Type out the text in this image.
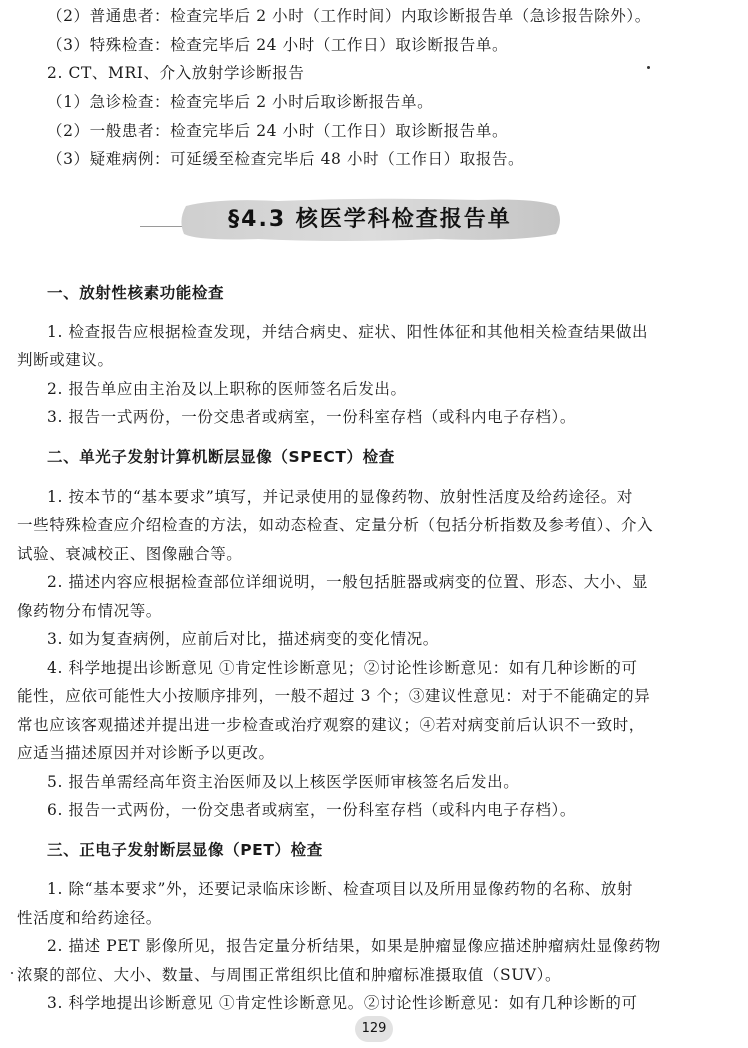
（2）普通患者：检查完毕后 2 小时（工作时间）内取诊断报告单（急诊报告除外）。
（3）特殊检查：检查完毕后 24 小时（工作日）取诊断报告单。
2. CT、MRI、介入放射学诊断报告
（1）急诊检查：检查完毕后 2 小时后取诊断报告单。
（2）一般患者：检查完毕后 24 小时（工作日）取诊断报告单。
（3）疑难病例：可延缓至检查完毕后 48 小时（工作日）取报告。
§4.3 核医学科检查报告单
一、放射性核素功能检查
1. 检查报告应根据检查发现，并结合病史、症状、阳性体征和其他相关检查结果做出
判断或建议。
2. 报告单应由主治及以上职称的医师签名后发出。
3. 报告一式两份，一份交患者或病室，一份科室存档（或科内电子存档）。
二、单光子发射计算机断层显像（SPECT）检查
1. 按本节的“基本要求”填写，并记录使用的显像药物、放射性活度及给药途径。对
一些特殊检查应介绍检查的方法，如动态检查、定量分析（包括分析指数及参考值）、介入
试验、衰减校正、图像融合等。
2. 描述内容应根据检查部位详细说明，一般包括脏器或病变的位置、形态、大小、显
像药物分布情况等。
3. 如为复查病例，应前后对比，描述病变的变化情况。
4. 科学地提出诊断意见 ①肯定性诊断意见；②讨论性诊断意见：如有几种诊断的可
能性，应依可能性大小按顺序排列，一般不超过 3 个；③建议性意见：对于不能确定的异
常也应该客观描述并提出进一步检查或治疗观察的建议；④若对病变前后认识不一致时，
应适当描述原因并对诊断予以更改。
5. 报告单需经高年资主治医师及以上核医学医师审核签名后发出。
6. 报告一式两份，一份交患者或病室，一份科室存档（或科内电子存档）。
三、正电子发射断层显像（PET）检查
1. 除“基本要求”外，还要记录临床诊断、检查项目以及所用显像药物的名称、放射
性活度和给药途径。
2. 描述 PET 影像所见，报告定量分析结果，如果是肿瘤显像应描述肿瘤病灶显像药物
浓聚的部位、大小、数量、与周围正常组织比值和肿瘤标准摄取值（SUV）。
3. 科学地提出诊断意见 ①肯定性诊断意见。②讨论性诊断意见：如有几种诊断的可
129
